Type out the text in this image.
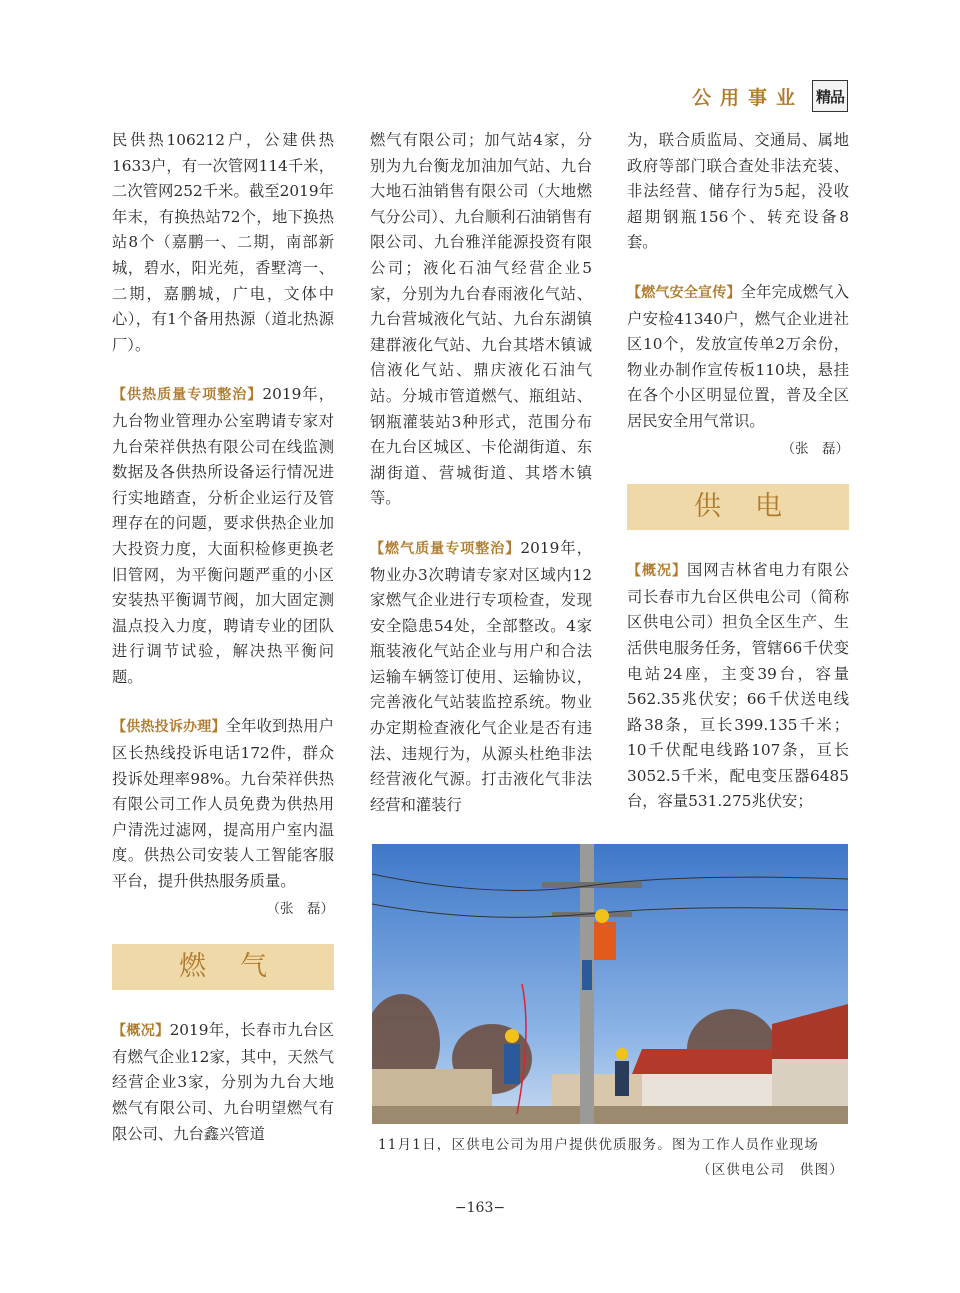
公用事业 精品

民供热106212户，公建供热1633户，有一次管网114千米，二次管网252千米。截至2019年年末，有换热站72个，地下换热站8个（嘉鹏一、二期，南部新城，碧水，阳光苑，香墅湾一、二期，嘉鹏城，广电，文体中心），有1个备用热源（道北热源厂）。

【供热质量专项整治】2019年，九台物业管理办公室聘请专家对九台荣祥供热有限公司在线监测数据及各供热所设备运行情况进行实地踏查，分析企业运行及管理存在的问题，要求供热企业加大投资力度，大面积检修更换老旧管网，为平衡问题严重的小区安装热平衡调节阀，加大固定测温点投入力度，聘请专业的团队进行调节试验，解决热平衡问题。

【供热投诉办理】全年收到热用户区长热线投诉电话172件，群众投诉处理率98%。九台荣祥供热有限公司工作人员免费为供热用户清洗过滤网，提高用户室内温度。供热公司安装人工智能客服平台，提升供热服务质量。

（张　磊）
燃气

【概况】2019年，长春市九台区有燃气企业12家，其中，天然气经营企业3家，分别为九台大地燃气有限公司、九台明望燃气有限公司、九台鑫兴管道

燃气有限公司；加气站4家，分别为九台衡龙加油加气站、九台大地石油销售有限公司（大地燃气分公司）、九台顺利石油销售有限公司、九台雅洋能源投资有限公司；液化石油气经营企业5家，分别为九台春雨液化气站、九台营城液化气站、九台东湖镇建群液化气站、九台其塔木镇诚信液化气站、鼎庆液化石油气站。分城市管道燃气、瓶组站、钢瓶灌装站3种形式，范围分布在九台区城区、卡伦湖街道、东湖街道、营城街道、其塔木镇等。

【燃气质量专项整治】2019年，物业办3次聘请专家对区域内12家燃气企业进行专项检查，发现安全隐患54处，全部整改。4家瓶装液化气站企业与用户和合法运输车辆签订使用、运输协议，完善液化气站装监控系统。物业办定期检查液化气企业是否有违法、违规行为，从源头杜绝非法经营液化气源。打击液化气非法经营和灌装行

为，联合质监局、交通局、属地政府等部门联合查处非法充装、非法经营、储存行为5起，没收超期钢瓶156个、转充设备8套。

【燃气安全宣传】全年完成燃气入户安检41340户，燃气企业进社区10个，发放宣传单2万余份，物业办制作宣传板110块，悬挂在各个小区明显位置，普及全区居民安全用气常识。

（张　磊）
供电

【概况】国网吉林省电力有限公司长春市九台区供电公司（简称区供电公司）担负全区生产、生活供电服务任务，管辖66千伏变电站24座，主变39台，容量562.35兆伏安；66千伏送电线路38条，亘长399.135千米；10千伏配电线路107条，亘长3052.5千米，配电变压器6485台，容量531.275兆伏安；

11月1日，区供电公司为用户提供优质服务。图为工作人员作业现场
（区供电公司　供图）
−163−
